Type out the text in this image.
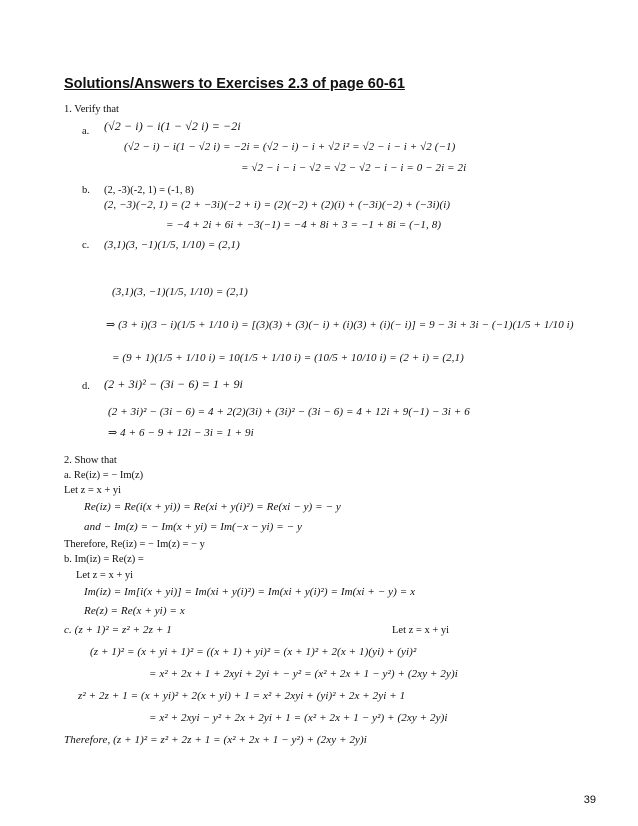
Solutions/Answers to Exercises 2.3 of page 60-61
1. Verify that
a. (√2 − i) − i(1 − √2 i) = −2i
(√2 − i) − i(1 − √2 i) = −2i = (√2 − i) − i + √2 i² = √2 − i − i + √2 (−1)
= √2 − i − i − √2 = √2 − √2 − i − i = 0 − 2i = 2i
b. (2, -3)(-2, 1) = (-1, 8)
(2, −3)(−2, 1) = (2 + −3i)(−2 + i) = (2)(−2) + (2)(i) + (−3i)(−2) + (−3i)(i)
= −4 + 2i + 6i + −3(−1) = −4 + 8i + 3 = −1 + 8i = (−1, 8)
c. (3,1)(3, −1)(1/5, 1/10) = (2,1)
(3,1)(3, −1)(1/5, 1/10) = (2,1)
⇒ (3 + i)(3 − i)(1/5 + 1/10 i) = [(3)(3) + (3)(− i) + (i)(3) + (i)(− i)] = 9 − 3i + 3i − (−1)(1/5 + 1/10 i)
= (9 + 1)(1/5 + 1/10 i) = 10(1/5 + 1/10 i) = (10/5 + 10/10 i) = (2 + i) = (2,1)
d. (2 + 3i)² − (3i − 6) = 1 + 9i
(2 + 3i)² − (3i − 6) = 4 + 2(2)(3i) + (3i)² − (3i − 6) = 4 + 12i + 9(−1) − 3i + 6
⇒ 4 + 6 − 9 + 12i − 3i = 1 + 9i
2. Show that
a. Re(iz) = − Im(z)
Let z = x + yi
Re(iz) = Re(i(x + yi)) = Re(xi + y(i)²) = Re(xi − y) = − y
and − Im(z) = − Im(x + yi) = Im(−x − yi) = − y
Therefore, Re(iz) = − Im(z) = − y
b. Im(iz) = Re(z) =
Let z = x + yi
Im(iz) = Im[i(x + yi)] = Im(xi + y(i)²) = Im(xi + y(i)²) = Im(xi + − y) = x
Re(z) = Re(x + yi) = x
c. (z + 1)² = z² + 2z + 1	Let z = x + yi
(z + 1)² = (x + yi + 1)² = ((x + 1) + yi)² = (x + 1)² + 2(x + 1)(yi) + (yi)²
= x² + 2x + 1 + 2xyi + 2yi + − y² = (x² + 2x + 1 − y²) + (2xy + 2y)i
z² + 2z + 1 = (x + yi)² + 2(x + yi) + 1 = x² + 2xyi + (yi)² + 2x + 2yi + 1
= x² + 2xyi − y² + 2x + 2yi + 1 = (x² + 2x + 1 − y²) + (2xy + 2y)i
Therefore, (z + 1)² = z² + 2z + 1 = (x² + 2x + 1 − y²) + (2xy + 2y)i
39
